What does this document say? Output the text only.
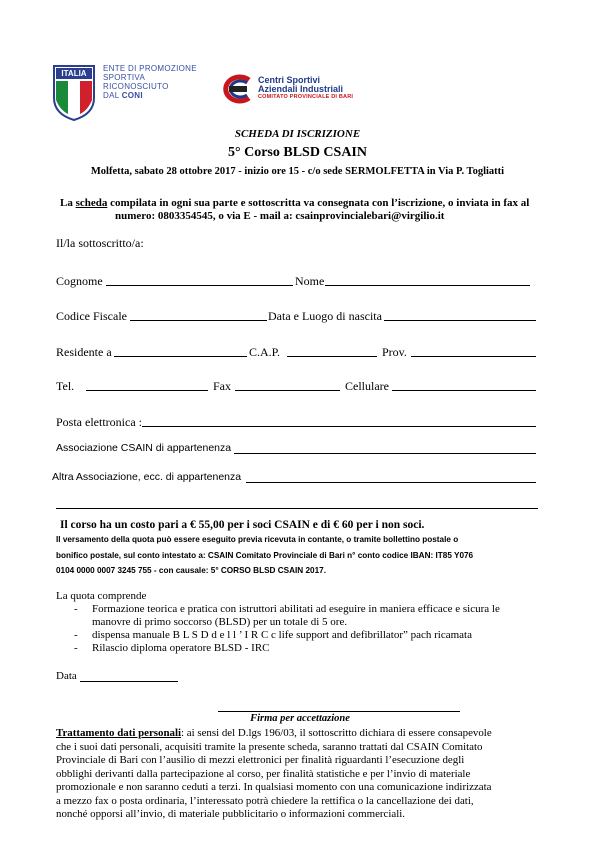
ITALIA
ENTE DI PROMOZIONE
SPORTIVA
RICONOSCIUTO
DAL CONI
Centri Sportivi
Aziendali Industriali
COMITATO PROVINCIALE DI BARI
SCHEDA DI ISCRIZIONE
5° Corso BLSD CSAIN
Molfetta, sabato 28 ottobre 2017 - inizio ore 15 - c/o sede SERMOLFETTA in Via P. Togliatti
La scheda compilata in ogni sua parte e sottoscritta va consegnata con l’iscrizione, o inviata in fax al
numero: 0803354545, o via E - mail a: csainprovincialebari@virgilio.it
Il/la sottoscritto/a:
Cognome	Nome
Codice Fiscale	Data e Luogo di nascita
Residente a	C.A.P.	Prov.
Tel.	Fax	Cellulare
Posta elettronica :
Associazione CSAIN di appartenenza
Altra Associazione, ecc. di appartenenza
Il corso ha un costo pari a € 55,00 per i soci CSAIN e di € 60 per i non soci.
Il versamento della quota può essere eseguito previa ricevuta in contante, o tramite bollettino postale o
bonifico postale, sul conto intestato a: CSAIN Comitato Provinciale di Bari n° conto codice IBAN: IT85 Y076
0104 0000 0007 3245 755 - con causale: 5° CORSO BLSD CSAIN 2017.
La quota comprende
-	Formazione teorica e pratica con istruttori abilitati ad eseguire in maniera efficace e sicura le manovre di primo soccorso (BLSD) per un totale di 5 ore.
-	dispensa manuale B L S D d e l l ’ I R C c life support and defibrillator” pach ricamata
-	Rilascio diploma operatore BLSD - IRC
Data
Firma per accettazione
Trattamento dati personali: ai sensi del D.lgs 196/03, il sottoscritto dichiara di essere consapevole
che i suoi dati personali, acquisiti tramite la presente scheda, saranno trattati dal CSAIN Comitato
Provinciale di Bari con l’ausilio di mezzi elettronici per finalità riguardanti l’esecuzione degli
obblighi derivanti dalla partecipazione al corso, per finalità statistiche e per l’invio di materiale
promozionale e non saranno ceduti a terzi. In qualsiasi momento con una comunicazione indirizzata
a mezzo fax o posta ordinaria, l’interessato potrà chiedere la rettifica o la cancellazione dei dati,
nonché opporsi all’invio, di materiale pubblicitario o informazioni commerciali.
